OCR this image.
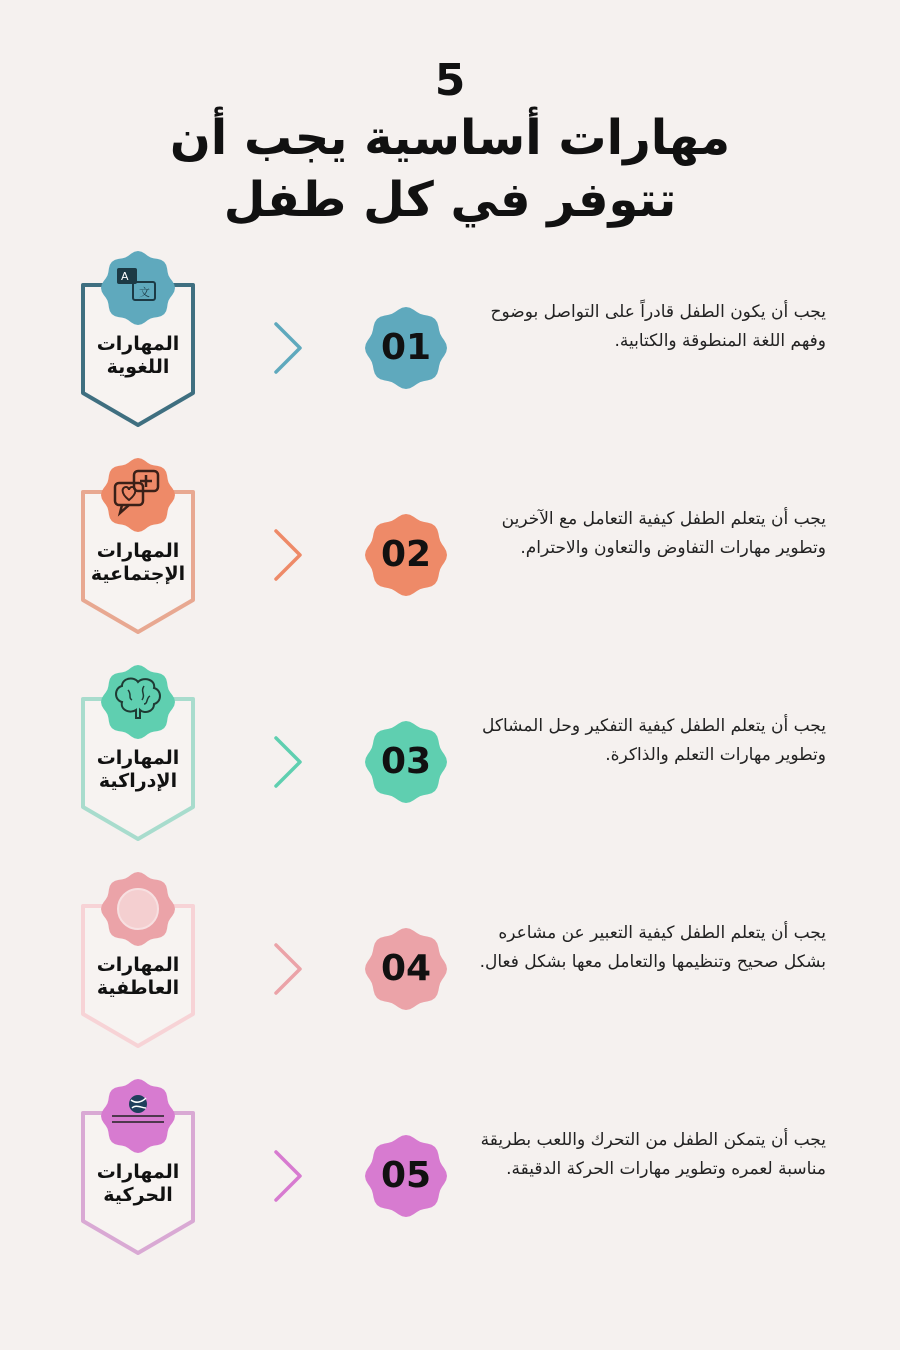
5
مهارات أساسية يجب أن
تتوفر في كل طفل
المهارات
اللغوية
A
文
01
يجب أن يكون الطفل قادراً على التواصل بوضوح وفهم اللغة المنطوقة والكتابية.
المهارات
الإجتماعية	02
يجب أن يتعلم الطفل كيفية التعامل مع الآخرين وتطوير مهارات التفاوض والتعاون والاحترام.
المهارات
الإدراكية	03
يجب أن يتعلم الطفل كيفية التفكير وحل المشاكل وتطوير مهارات التعلم والذاكرة.
المهارات
العاطفية	04
يجب أن يتعلم الطفل كيفية التعبير عن مشاعره بشكل صحيح وتنظيمها والتعامل معها بشكل فعال.
المهارات
الحركية	05
يجب أن يتمكن الطفل من التحرك واللعب بطريقة مناسبة لعمره وتطوير مهارات الحركة الدقيقة.
